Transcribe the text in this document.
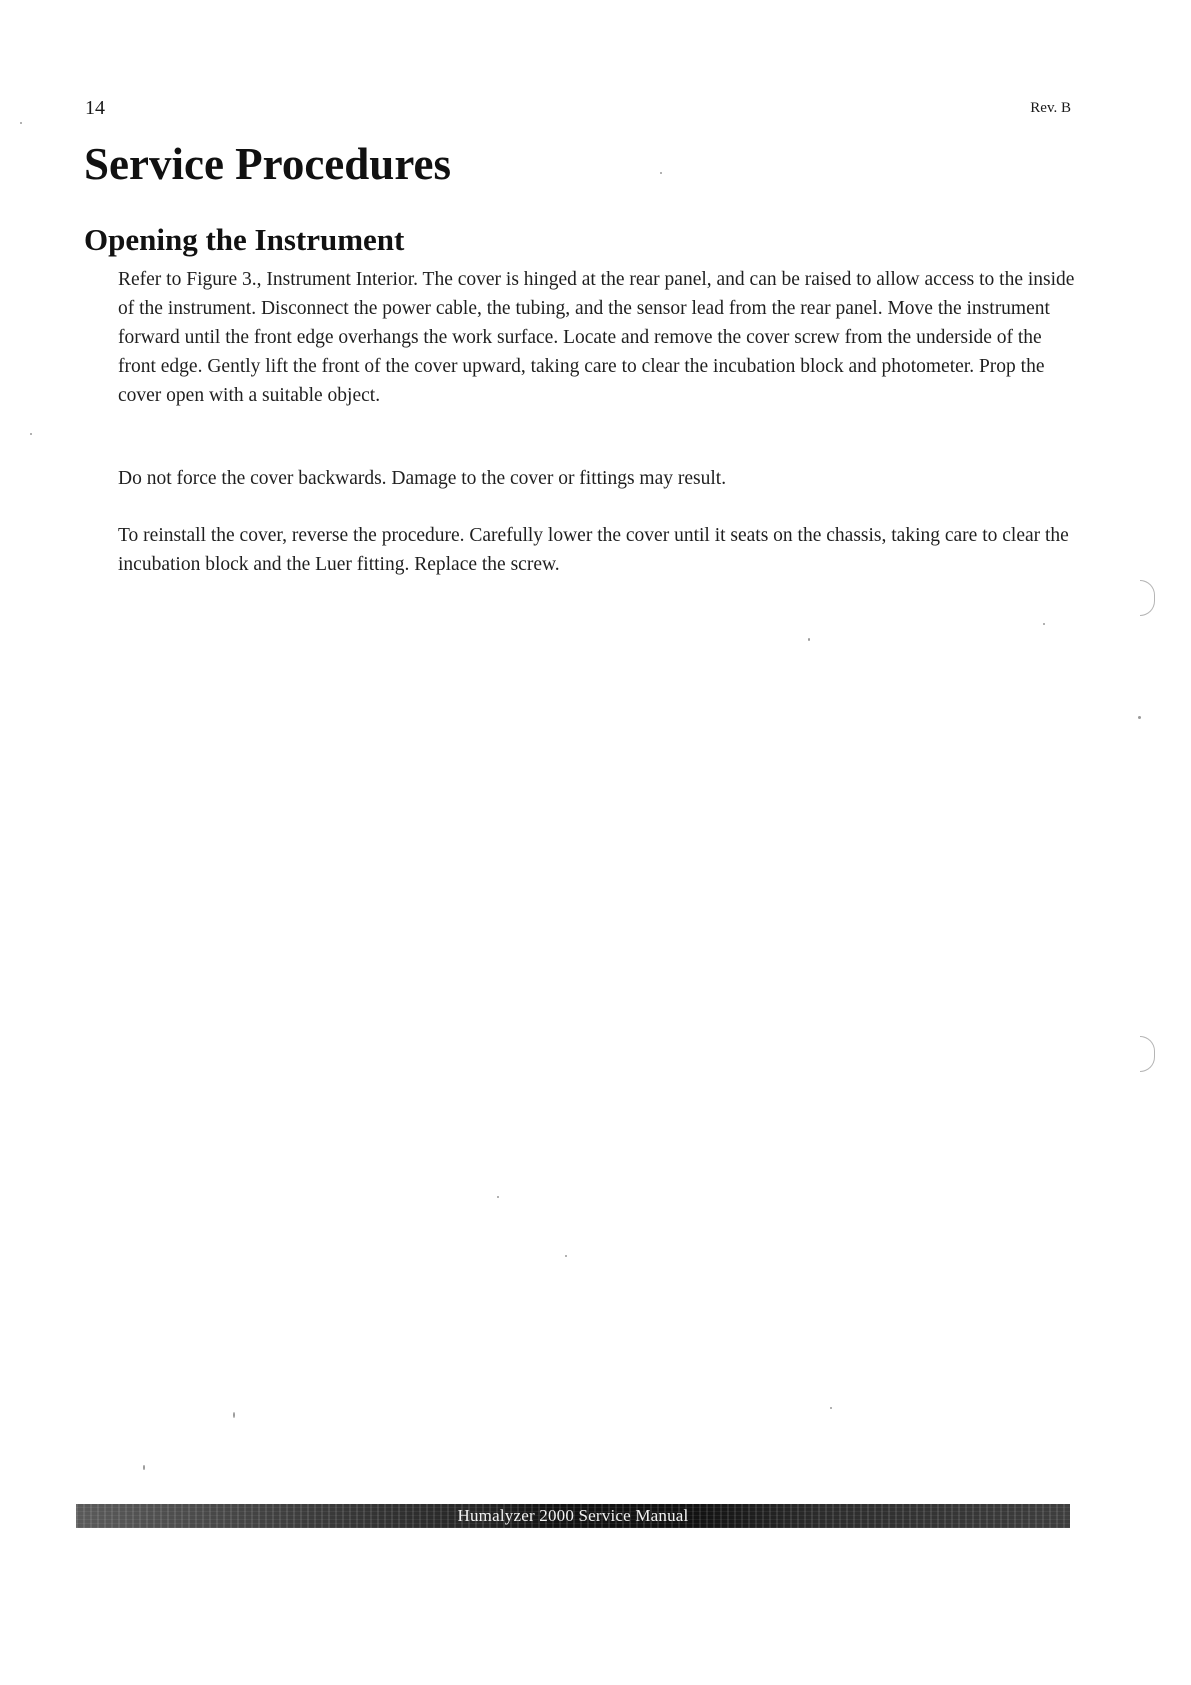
14	Rev. B
Service Procedures
Opening the Instrument

Refer to Figure 3., Instrument Interior. The cover is hinged at the rear panel, and can be raised to allow access to the inside of the instrument. Disconnect the power cable, the tubing, and the sensor lead from the rear panel. Move the instrument forward until the front edge overhangs the work surface. Locate and remove the cover screw from the underside of the front edge. Gently lift the front of the cover upward, taking care to clear the incubation block and photometer. Prop the cover open with a suitable object.

Do not force the cover backwards. Damage to the cover or fittings may result.

To reinstall the cover, reverse the procedure. Carefully lower the cover until it seats on the chassis, taking care to clear the incubation block and the Luer fitting. Replace the screw.

Humalyzer 2000 Service Manual
